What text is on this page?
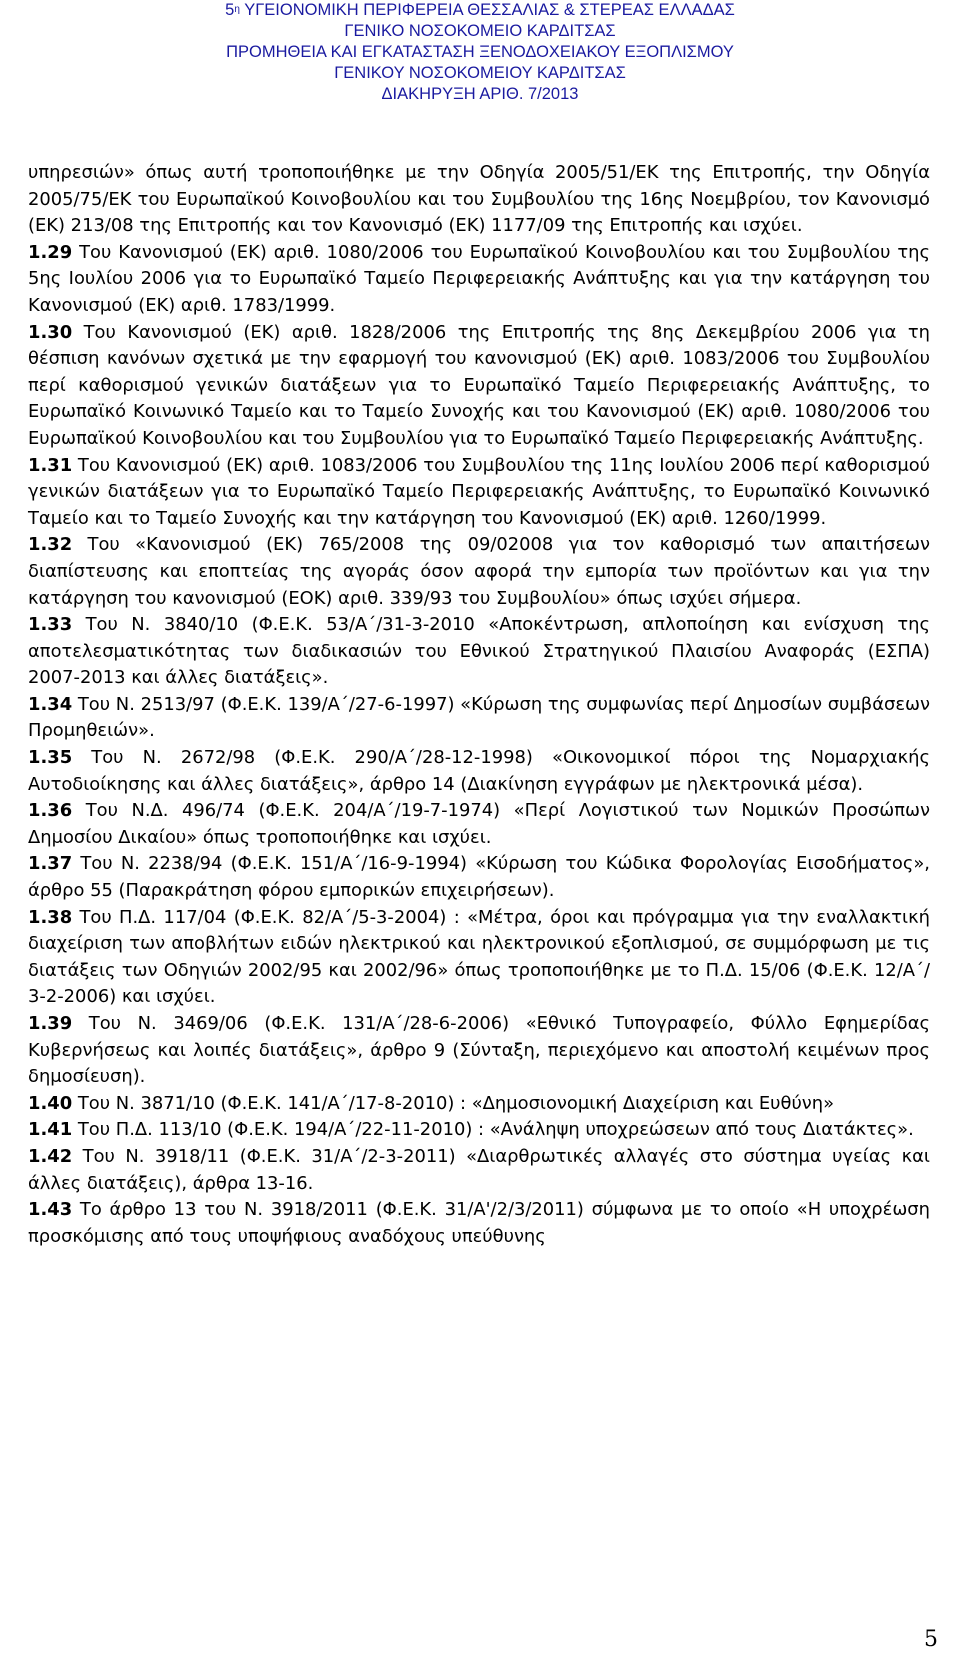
$5^\eta$ ΥΓΕΙΟΝΟΜΙΚΗ ΠΕΡΙΦΕΡΕΙΑ ΘΕΣΣΑΛΙΑΣ & ΣΤΕΡΕΑΣ ΕΛΛΑΔΑΣ
ΓΕΝΙΚΟ ΝΟΣΟΚΟΜΕΙΟ ΚΑΡΔΙΤΣΑΣ
ΠΡΟΜΗΘΕΙΑ ΚΑΙ ΕΓΚΑΤΑΣΤΑΣΗ ΞΕΝΟΔΟΧΕΙΑΚΟΥ ΕΞΟΠΛΙΣΜΟΥ
ΓΕΝΙΚΟΥ ΝΟΣΟΚΟΜΕΙΟΥ ΚΑΡΔΙΤΣΑΣ
ΔΙΑΚΗΡΥΞΗ ΑΡΙΘ. 7/2013

υπηρεσιών» όπως αυτή τροποποιήθηκε με την Οδηγία 2005/51/ΕΚ της Επιτροπής, την Οδηγία 2005/75/ΕΚ του Ευρωπαϊκού Κοινοβουλίου και του Συμβουλίου της 16ης Νοεμβρίου, τον Κανονισμό (ΕΚ) 213/08 της Επιτροπής και τον Κανονισμό (ΕΚ) 1177/09 της Επιτροπής και ισχύει.

1.29 Του Κανονισμού (ΕΚ) αριθ. 1080/2006 του Ευρωπαϊκού Κοινοβουλίου και του Συμβουλίου της 5ης Ιουλίου 2006 για το Ευρωπαϊκό Ταμείο Περιφερειακής Ανάπτυξης και για την κατάργηση του Κανονισμού (ΕΚ) αριθ. 1783/1999.

1.30 Του Κανονισμού (ΕΚ) αριθ. 1828/2006 της Επιτροπής της 8ης Δεκεμβρίου 2006 για τη θέσπιση κανόνων σχετικά με την εφαρμογή του κανονισμού (ΕΚ) αριθ. 1083/2006 του Συμβουλίου περί καθορισμού γενικών διατάξεων για το Ευρωπαϊκό Ταμείο Περιφερειακής Ανάπτυξης, το Ευρωπαϊκό Κοινωνικό Ταμείο και το Ταμείο Συνοχής και του Κανονισμού (ΕΚ) αριθ. 1080/2006 του Ευρωπαϊκού Κοινοβουλίου και του Συμβουλίου για το Ευρωπαϊκό Ταμείο Περιφερειακής Ανάπτυξης.

1.31 Του Κανονισμού (ΕΚ) αριθ. 1083/2006 του Συμβουλίου της 11ης Ιουλίου 2006 περί καθορισμού γενικών διατάξεων για το Ευρωπαϊκό Ταμείο Περιφερειακής Ανάπτυξης, το Ευρωπαϊκό Κοινωνικό Ταμείο και το Ταμείο Συνοχής και την κατάργηση του Κανονισμού (ΕΚ) αριθ. 1260/1999.

1.32 Του «Κανονισμού (ΕΚ) 765/2008 της 09/02008 για τον καθορισμό των απαιτήσεων διαπίστευσης και εποπτείας της αγοράς όσον αφορά την εμπορία των προϊόντων και για την κατάργηση του κανονισμού (ΕΟΚ) αριθ. 339/93 του Συμβουλίου» όπως ισχύει σήμερα.

1.33 Του Ν. 3840/10 (Φ.Ε.Κ. 53/Α΄/31-3-2010 «Αποκέντρωση, απλοποίηση και ενίσχυση της αποτελεσματικότητας των διαδικασιών του Εθνικού Στρατηγικού Πλαισίου Αναφοράς (ΕΣΠΑ) 2007-2013 και άλλες διατάξεις».

1.34 Του Ν. 2513/97 (Φ.Ε.Κ. 139/Α΄/27-6-1997) «Κύρωση της συμφωνίας περί Δημοσίων συμβάσεων Προμηθειών».

1.35 Του Ν. 2672/98 (Φ.Ε.Κ. 290/Α΄/28-12-1998) «Οικονομικοί πόροι της Νομαρχιακής Αυτοδιοίκησης και άλλες διατάξεις», άρθρο 14 (Διακίνηση εγγράφων με ηλεκτρονικά μέσα).

1.36 Του Ν.Δ. 496/74 (Φ.Ε.Κ. 204/Α΄/19-7-1974) «Περί Λογιστικού των Νομικών Προσώπων Δημοσίου Δικαίου» όπως τροποποιήθηκε και ισχύει.

1.37 Του Ν. 2238/94 (Φ.Ε.Κ. 151/Α΄/16-9-1994) «Κύρωση του Κώδικα Φορολογίας Εισοδήματος», άρθρο 55 (Παρακράτηση φόρου εμπορικών επιχειρήσεων).

1.38 Του Π.Δ. 117/04 (Φ.Ε.Κ. 82/Α΄/5-3-2004) : «Μέτρα, όροι και πρόγραμμα για την εναλλακτική διαχείριση των αποβλήτων ειδών ηλεκτρικού και ηλεκτρονικού εξοπλισμού, σε συμμόρφωση με τις διατάξεις των Οδηγιών 2002/95 και 2002/96» όπως τροποποιήθηκε με το Π.Δ. 15/06 (Φ.Ε.Κ. 12/Α΄/ 3-2-2006) και ισχύει.

1.39 Του Ν. 3469/06 (Φ.Ε.Κ. 131/Α΄/28-6-2006) «Εθνικό Τυπογραφείο, Φύλλο Εφημερίδας Κυβερνήσεως και λοιπές διατάξεις», άρθρο 9 (Σύνταξη, περιεχόμενο και αποστολή κειμένων προς δημοσίευση).

1.40 Του Ν. 3871/10 (Φ.Ε.Κ. 141/Α΄/17-8-2010) : «Δημοσιονομική Διαχείριση και Ευθύνη»

1.41 Του Π.Δ. 113/10 (Φ.Ε.Κ. 194/Α΄/22-11-2010) : «Ανάληψη υποχρεώσεων από τους Διατάκτες».

1.42 Του Ν. 3918/11 (Φ.Ε.Κ. 31/Α΄/2-3-2011) «Διαρθρωτικές αλλαγές στο σύστημα υγείας και άλλες διατάξεις), άρθρα 13-16.

1.43 Το άρθρο 13 του Ν. 3918/2011 (Φ.Ε.Κ. 31/Α'/2/3/2011) σύμφωνα με το οποίο «Η υποχρέωση προσκόμισης από τους υποψήφιους αναδόχους υπεύθυνης

5
